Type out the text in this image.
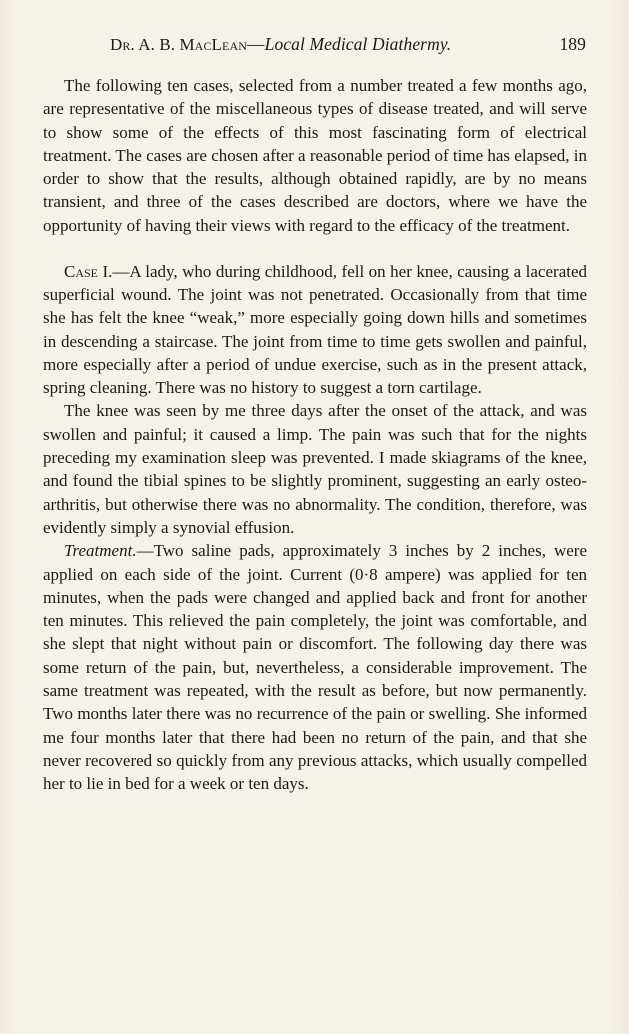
Dr. A. B. MacLean—Local Medical Diathermy.	189

The following ten cases, selected from a number treated a few months ago, are representative of the miscellaneous types of disease treated, and will serve to show some of the effects of this most fascinating form of electrical treatment. The cases are chosen after a reasonable period of time has elapsed, in order to show that the results, although obtained rapidly, are by no means transient, and three of the cases described are doctors, where we have the opportunity of having their views with regard to the efficacy of the treatment.

Case I.—A lady, who during childhood, fell on her knee, causing a lacerated superficial wound. The joint was not penetrated. Occasionally from that time she has felt the knee “weak,” more especially going down hills and sometimes in descending a staircase. The joint from time to time gets swollen and painful, more especially after a period of undue exercise, such as in the present attack, spring cleaning. There was no history to suggest a torn cartilage.

The knee was seen by me three days after the onset of the attack, and was swollen and painful; it caused a limp. The pain was such that for the nights preceding my examination sleep was prevented. I made skiagrams of the knee, and found the tibial spines to be slightly prominent, suggesting an early osteo-arthritis, but otherwise there was no abnormality. The condition, therefore, was evidently simply a synovial effusion.

Treatment.—Two saline pads, approximately 3 inches by 2 inches, were applied on each side of the joint. Current (0·8 ampere) was applied for ten minutes, when the pads were changed and applied back and front for another ten minutes. This relieved the pain completely, the joint was comfortable, and she slept that night without pain or discomfort. The following day there was some return of the pain, but, nevertheless, a considerable improvement. The same treatment was repeated, with the result as before, but now permanently. Two months later there was no recurrence of the pain or swelling. She informed me four months later that there had been no return of the pain, and that she never recovered so quickly from any previous attacks, which usually compelled her to lie in bed for a week or ten days.
